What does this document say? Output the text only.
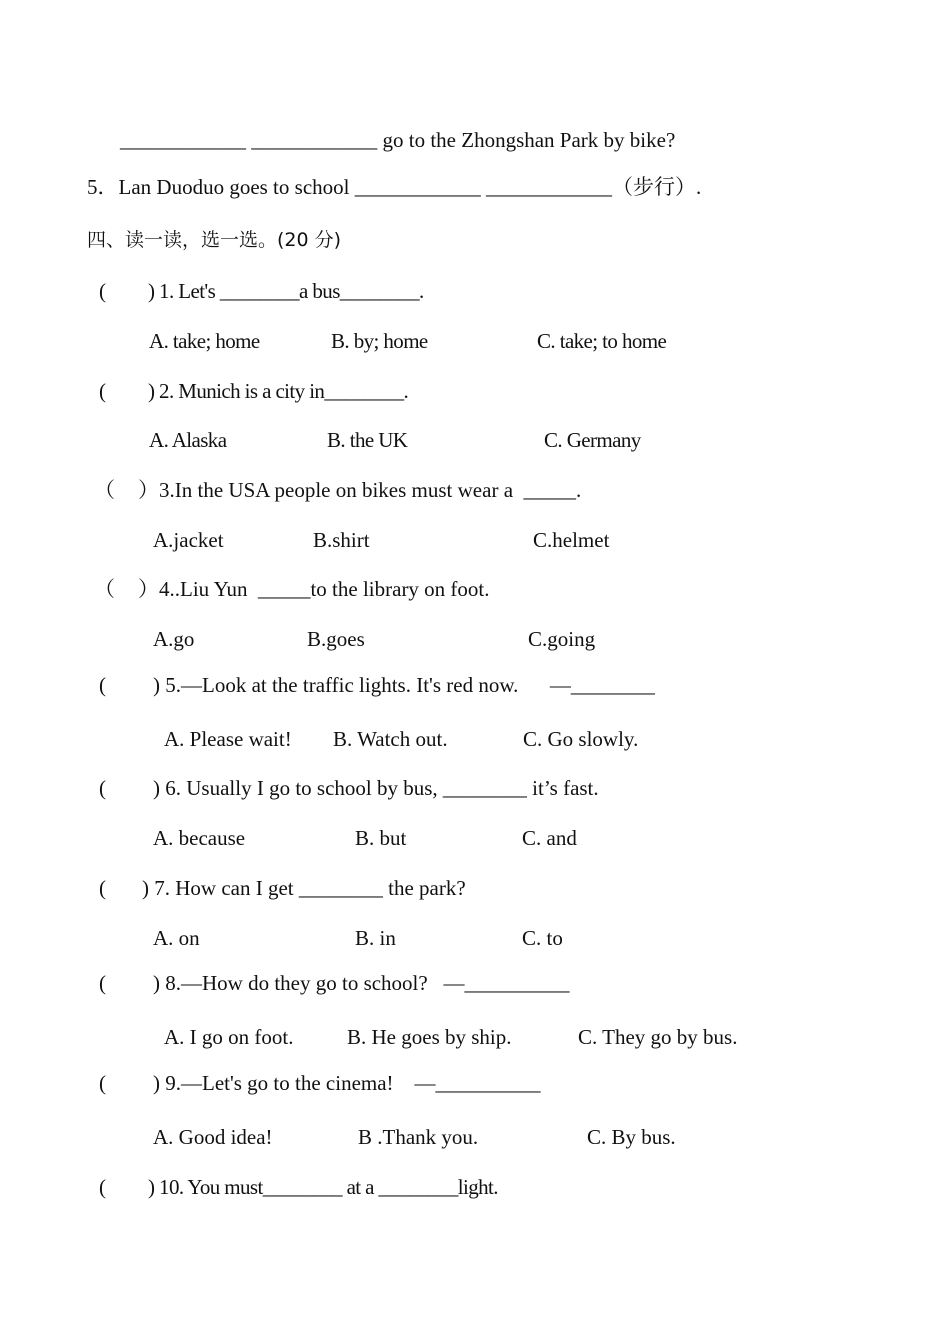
____________ ____________ go to the Zhongshan Park by bike?
5．Lan Duoduo goes to school ____________ ____________（步行）.
四、读一读，选一选。(20 分)
( ) 1. Let's ________a bus________.
A. take; home	B. by; home	C. take; to home
( ) 2. Munich is a city in________.
A. Alaska	B. the UK	C. Germany
（ ）3.In the USA people on bikes must wear a  _____.
A.jacket	B.shirt	C.helmet
（ ）4..Liu Yun  _____to the library on foot.
A.go	B.goes	C.going
( ) 5.—Look at the traffic lights. It's red now.      —________
A. Please wait! B. Watch out.	C. Go slowly.
( ) 6. Usually I go to school by bus, ________ it’s fast.
A. because	B. but	C. and
( ) 7. How can I get ________ the park?
A. on	B. in	C. to
( ) 8.—How do they go to school?   —__________
A. I go on foot.	B. He goes by ship.	C. They go by bus.
( ) 9.—Let's go to the cinema!    —__________
A. Good idea!	B .Thank you.	C. By bus.
( ) 10. You must________ at a ________light.
